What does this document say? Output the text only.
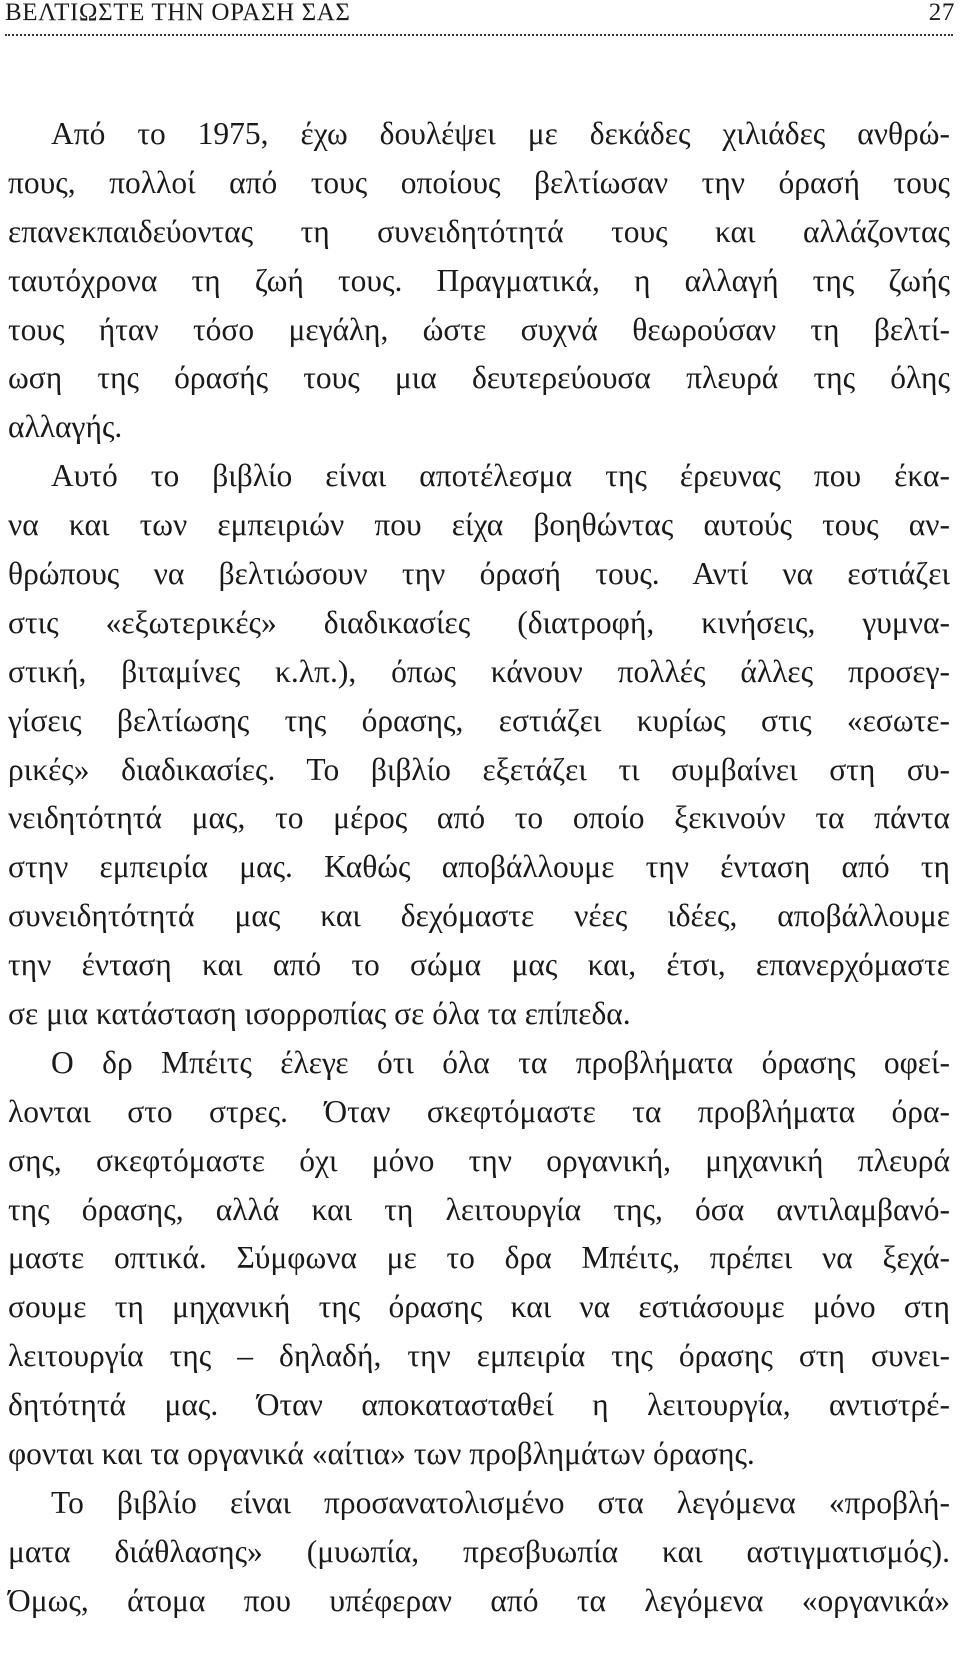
ΒΕΛΤΙΩΣΤΕ ΤΗΝ ΟΡΑΣΗ ΣΑΣ	27
Από το 1975, έχω δουλέψει με δεκάδες χιλιάδες ανθρώ-
πους, πολλοί από τους οποίους βελτίωσαν την όρασή τους
επανεκπαιδεύοντας τη συνειδητότητά τους και αλλάζοντας
ταυτόχρονα τη ζωή τους. Πραγματικά, η αλλαγή της ζωής
τους ήταν τόσο μεγάλη, ώστε συχνά θεωρούσαν τη βελτί-
ωση της όρασής τους μια δευτερεύουσα πλευρά της όλης
αλλαγής.
Αυτό το βιβλίο είναι αποτέλεσμα της έρευνας που έκα-
να και των εμπειριών που είχα βοηθώντας αυτούς τους αν-
θρώπους να βελτιώσουν την όρασή τους. Αντί να εστιάζει
στις «εξωτερικές» διαδικασίες (διατροφή, κινήσεις, γυμνα-
στική, βιταμίνες κ.λπ.), όπως κάνουν πολλές άλλες προσεγ-
γίσεις βελτίωσης της όρασης, εστιάζει κυρίως στις «εσωτε-
ρικές» διαδικασίες. Το βιβλίο εξετάζει τι συμβαίνει στη συ-
νειδητότητά μας, το μέρος από το οποίο ξεκινούν τα πάντα
στην εμπειρία μας. Καθώς αποβάλλουμε την ένταση από τη
συνειδητότητά μας και δεχόμαστε νέες ιδέες, αποβάλλουμε
την ένταση και από το σώμα μας και, έτσι, επανερχόμαστε
σε μια κατάσταση ισορροπίας σε όλα τα επίπεδα.
Ο δρ Μπέιτς έλεγε ότι όλα τα προβλήματα όρασης οφεί-
λονται στο στρες. Όταν σκεφτόμαστε τα προβλήματα όρα-
σης, σκεφτόμαστε όχι μόνο την οργανική, μηχανική πλευρά
της όρασης, αλλά και τη λειτουργία της, όσα αντιλαμβανό-
μαστε οπτικά. Σύμφωνα με το δρα Μπέιτς, πρέπει να ξεχά-
σουμε τη μηχανική της όρασης και να εστιάσουμε μόνο στη
λειτουργία της – δηλαδή, την εμπειρία της όρασης στη συνει-
δητότητά μας. Όταν αποκατασταθεί η λειτουργία, αντιστρέ-
φονται και τα οργανικά «αίτια» των προβλημάτων όρασης.
Το βιβλίο είναι προσανατολισμένο στα λεγόμενα «προβλή-
ματα διάθλασης» (μυωπία, πρεσβυωπία και αστιγματισμός).
Όμως, άτομα που υπέφεραν από τα λεγόμενα «οργανικά»
